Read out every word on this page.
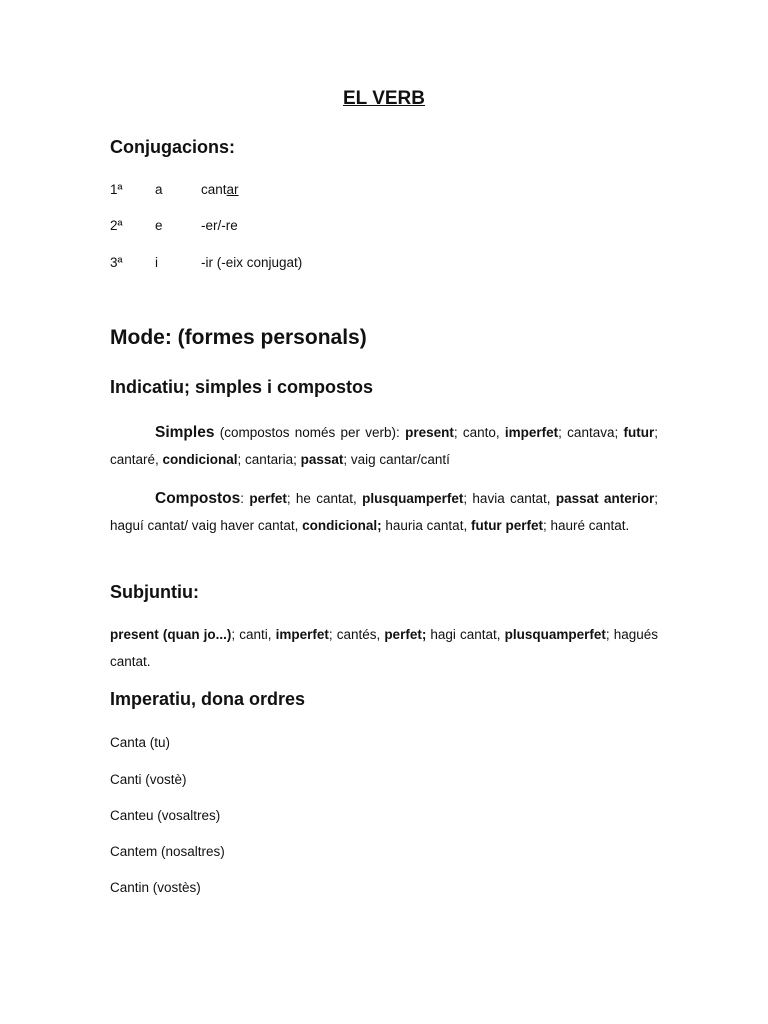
EL VERB
Conjugacions:
1ª a	cantar
2ª e	-er/-re
3ª i	-ir (-eix conjugat)
Mode: (formes personals)
Indicatiu; simples i compostos

Simples (compostos només per verb): present; canto, imperfet; cantava; futur; cantaré, condicional; cantaria; passat; vaig cantar/cantí

Compostos: perfet; he cantat, plusquamperfet; havia cantat, passat anterior; haguí cantat/ vaig haver cantat, condicional; hauria cantat, futur perfet; hauré cantat.

Subjuntiu:

present (quan jo...); canti, imperfet; cantés, perfet; hagi cantat, plusquamperfet; hagués cantat.

Imperatiu, dona ordres

Canta (tu)

Canti (vostè)

Canteu (vosaltres)

Cantem (nosaltres)

Cantin (vostès)
